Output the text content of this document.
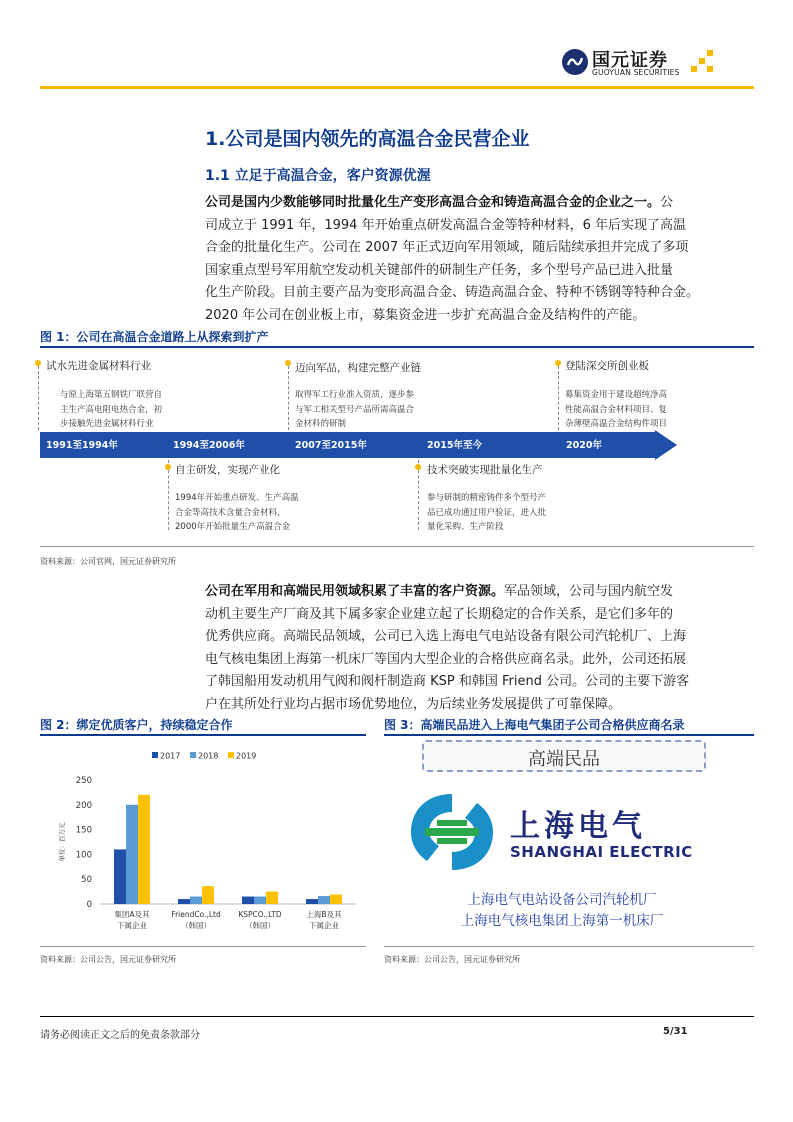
国元证券
GUOYUAN SECURITIES
1.公司是国内领先的高温合金民营企业
1.1 立足于高温合金，客户资源优渥
公司是国内少数能够同时批量化生产变形高温合金和铸造高温合金的企业之一。公
司成立于 1991 年，1994 年开始重点研发高温合金等特种材料，6 年后实现了高温
合金的批量化生产。公司在 2007 年正式迈向军用领域，随后陆续承担并完成了多项
国家重点型号军用航空发动机关键部件的研制生产任务，多个型号产品已进入批量
化生产阶段。目前主要产品为变形高温合金、铸造高温合金、特种不锈钢等特种合金。
2020 年公司在创业板上市，募集资金进一步扩充高温合金及结构件的产能。
图 1：公司在高温合金道路上从探索到扩产
1991至1994年	1994至2006年	2007至2015年	2015年至今	2020年
试水先进金属材料行业
与原上海第五钢铁厂联营自
主生产高电阻电热合金，初
步接触先进金属材料行业
迈向军品，构建完整产业链
取得军工行业准入资质，逐步参
与军工相关型号产品所需高温合
金材料的研制
登陆深交所创业板
募集资金用于建设超纯净高
性能高温合金材料项目、复
杂薄壁高温合金结构件项目
自主研发，实现产业化
1994年开始重点研发、生产高温
合金等高技术含量合金材料，
2000年开始批量生产高温合金
技术突破实现批量化生产
参与研制的精密铸件多个型号产
品已成功通过用户验证，进入批
量化采购、生产阶段
资料来源：公司官网，国元证券研究所
公司在军用和高端民用领域积累了丰富的客户资源。军品领域，公司与国内航空发
动机主要生产厂商及其下属多家企业建立起了长期稳定的合作关系，是它们多年的
优秀供应商。高端民品领域，公司已入选上海电气电站设备有限公司汽轮机厂、上海
电气核电集团上海第一机床厂等国内大型企业的合格供应商名录。此外，公司还拓展
了韩国船用发动机用气阀和阀杆制造商 KSP 和韩国 Friend 公司。公司的主要下游客
户在其所处行业均占据市场优势地位，为后续业务发展提供了可靠保障。
图 2：绑定优质客户，持续稳定合作
2017 2018 2019
0
50
100
150
200
250
单位：百万元
集团A及其
下属企业
FriendCo.,Ltd
（韩国）
KSPCO.,LTD
（韩国）
上海B及其
下属企业
资料来源：公司公告，国元证券研究所
图 3：高端民品进入上海电气集团子公司合格供应商名录
高端民品
上海电气
SHANGHAI ELECTRIC
上海电气电站设备公司汽轮机厂
上海电气核电集团上海第一机床厂
资料来源：公司公告，国元证券研究所
请务必阅读正文之后的免责条款部分	5/31
